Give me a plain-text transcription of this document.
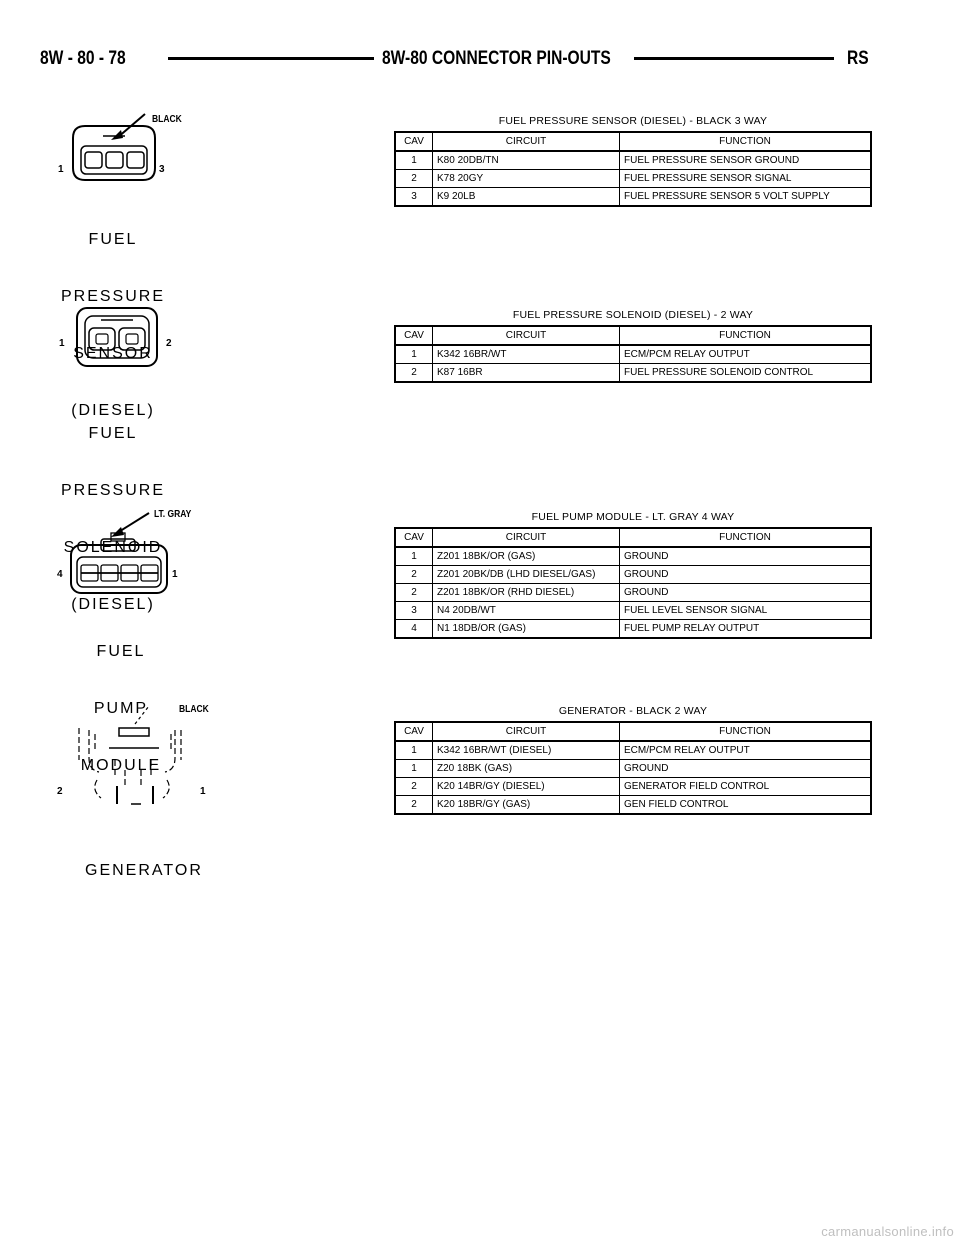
8W - 80 - 78	8W-80 CONNECTOR PIN-OUTS	RS
BLACK
1	3

FUEL

PRESSURE

SENSOR

(DIESEL)

FUEL PRESSURE SENSOR (DIESEL) - BLACK 3 WAY
CAV	CIRCUIT	FUNCTION
1	K80 20DB/TN	FUEL PRESSURE SENSOR GROUND
2	K78 20GY	FUEL PRESSURE SENSOR SIGNAL
3	K9 20LB	FUEL PRESSURE SENSOR 5 VOLT SUPPLY
1	2

FUEL

PRESSURE

SOLENOID

(DIESEL)

FUEL PRESSURE SOLENOID (DIESEL) - 2 WAY
CAV	CIRCUIT	FUNCTION
1	K342 16BR/WT	ECM/PCM RELAY OUTPUT
2	K87 16BR	FUEL PRESSURE SOLENOID CONTROL
LT. GRAY
4	1

FUEL

PUMP

MODULE

FUEL PUMP MODULE - LT. GRAY 4 WAY
CAV	CIRCUIT	FUNCTION
1	Z201 18BK/OR (GAS)	GROUND
2	Z201 20BK/DB (LHD DIESEL/GAS)	GROUND
2	Z201 18BK/OR (RHD DIESEL)	GROUND
3	N4 20DB/WT	FUEL LEVEL SENSOR SIGNAL
4	N1 18DB/OR (GAS)	FUEL PUMP RELAY OUTPUT
BLACK
2	1

GENERATOR

GENERATOR - BLACK 2 WAY
CAV	CIRCUIT	FUNCTION
1	K342 16BR/WT (DIESEL)	ECM/PCM RELAY OUTPUT
1	Z20 18BK (GAS)	GROUND
2	K20 14BR/GY (DIESEL)	GENERATOR FIELD CONTROL
2	K20 18BR/GY (GAS)	GEN FIELD CONTROL
carmanualsonline.info
